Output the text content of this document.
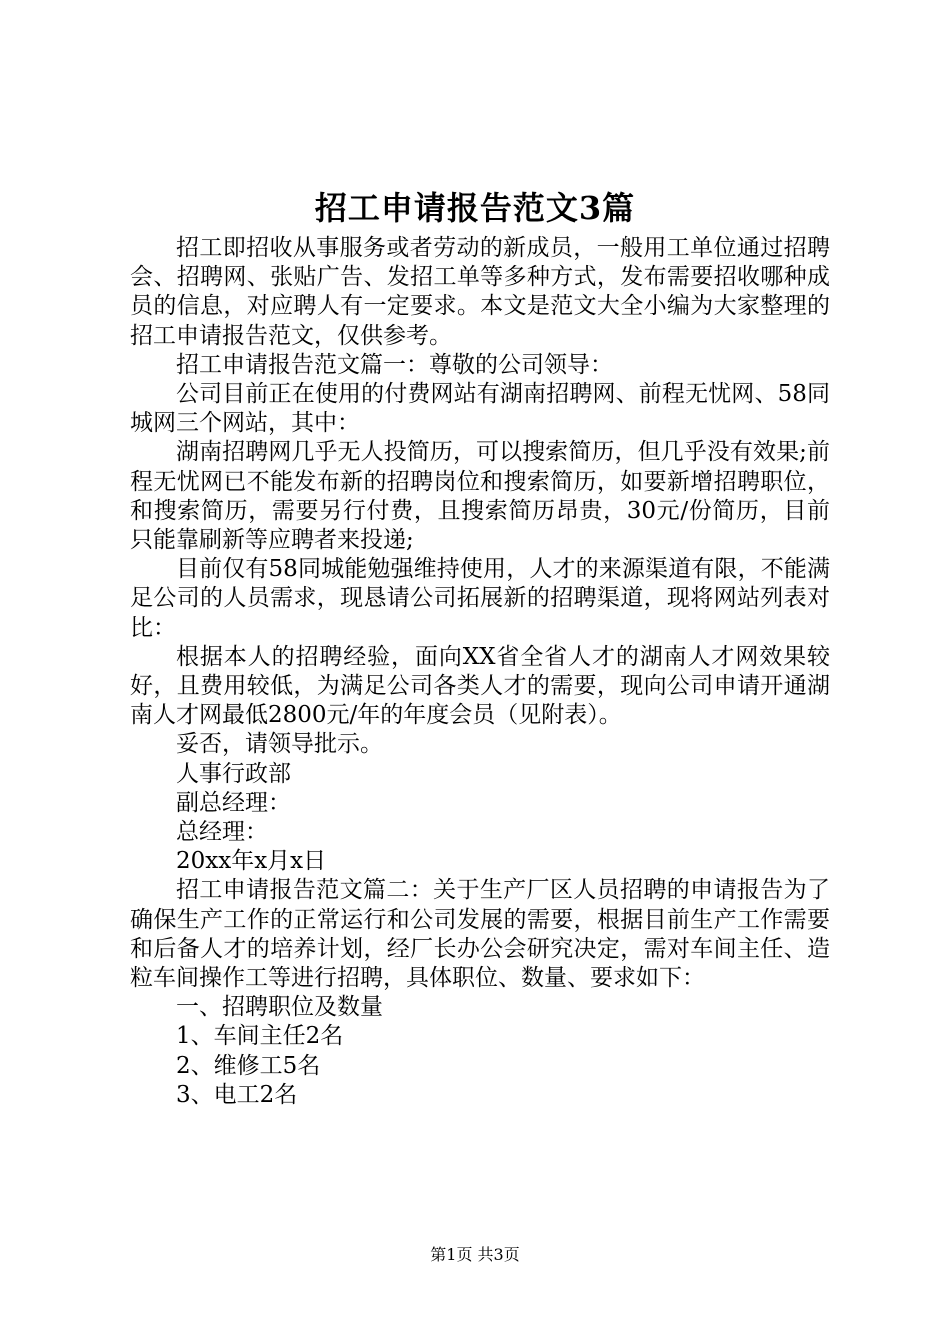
招工申请报告范文3篇

招工即招收从事服务或者劳动的新成员，一般用工单位通过招聘会、招聘网、张贴广告、发招工单等多种方式，发布需要招收哪种成员的信息，对应聘人有一定要求。本文是范文大全小编为大家整理的招工申请报告范文，仅供参考。

招工申请报告范文篇一：尊敬的公司领导：

公司目前正在使用的付费网站有湖南招聘网、前程无忧网、58同城网三个网站，其中：

湖南招聘网几乎无人投简历，可以搜索简历，但几乎没有效果;前程无忧网已不能发布新的招聘岗位和搜索简历，如要新增招聘职位，和搜索简历，需要另行付费，且搜索简历昂贵，30元/份简历，目前只能靠刷新等应聘者来投递;

目前仅有58同城能勉强维持使用，人才的来源渠道有限，不能满足公司的人员需求，现恳请公司拓展新的招聘渠道，现将网站列表对比：

根据本人的招聘经验，面向XX省全省人才的湖南人才网效果较好，且费用较低，为满足公司各类人才的需要，现向公司申请开通湖南人才网最低2800元/年的年度会员（见附表）。

妥否，请领导批示。

人事行政部

副总经理：

总经理：

20xx年x月x日

招工申请报告范文篇二：关于生产厂区人员招聘的申请报告为了确保生产工作的正常运行和公司发展的需要，根据目前生产工作需要和后备人才的培养计划，经厂长办公会研究决定，需对车间主任、造粒车间操作工等进行招聘，具体职位、数量、要求如下：

一、招聘职位及数量

1、车间主任2名

2、维修工5名

3、电工2名

第1页 共3页
